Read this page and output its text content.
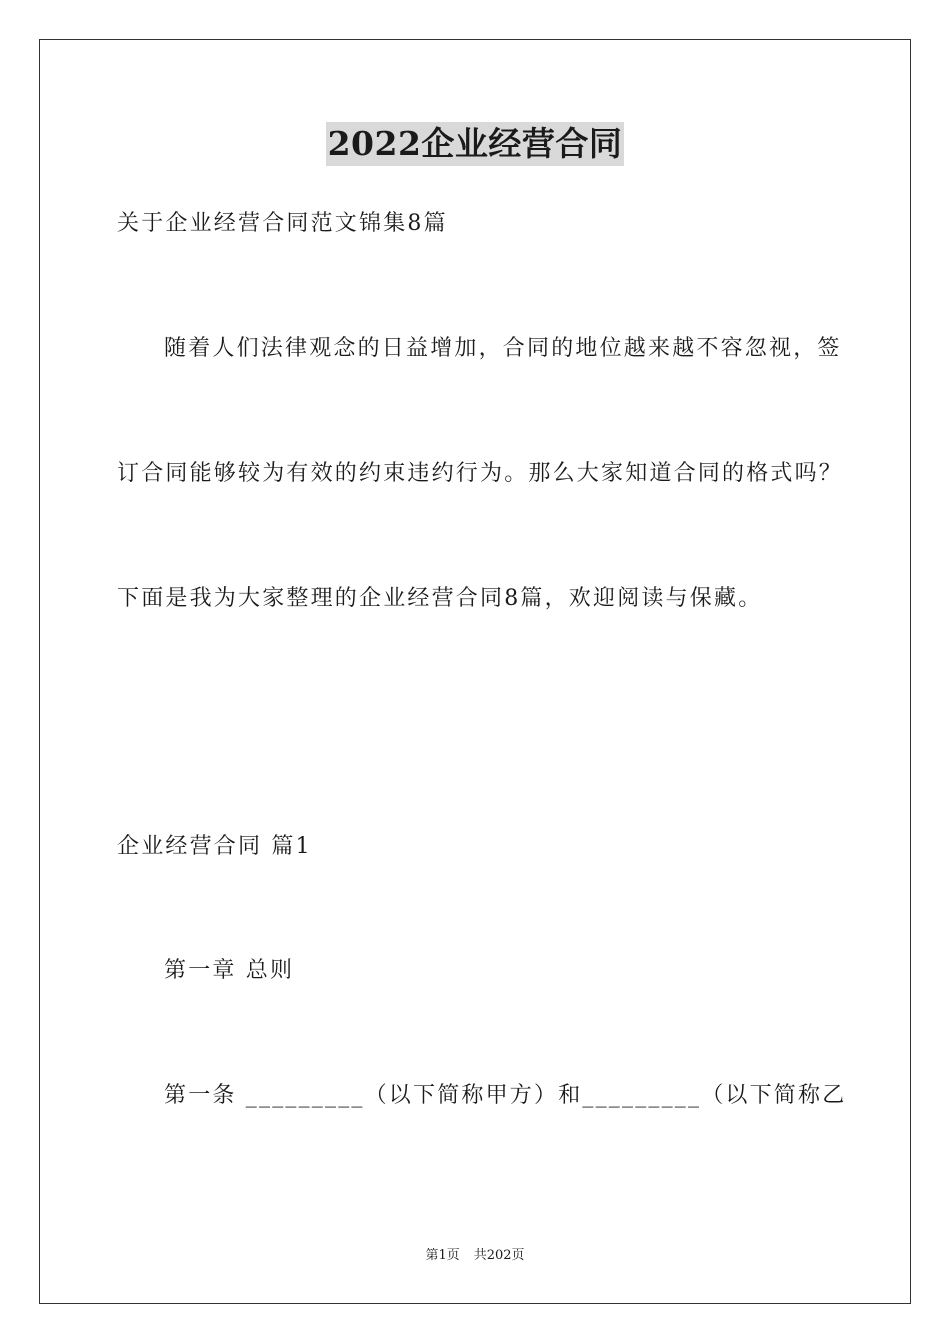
2022企业经营合同
关于企业经营合同范文锦集8篇
随着人们法律观念的日益增加，合同的地位越来越不容忽视，签
订合同能够较为有效的约束违约行为。那么大家知道合同的格式吗？
下面是我为大家整理的企业经营合同8篇，欢迎阅读与保藏。
企业经营合同 篇1
第一章 总则
第一条 _________（以下简称甲方）和_________（以下简称乙
第1页 共202页
